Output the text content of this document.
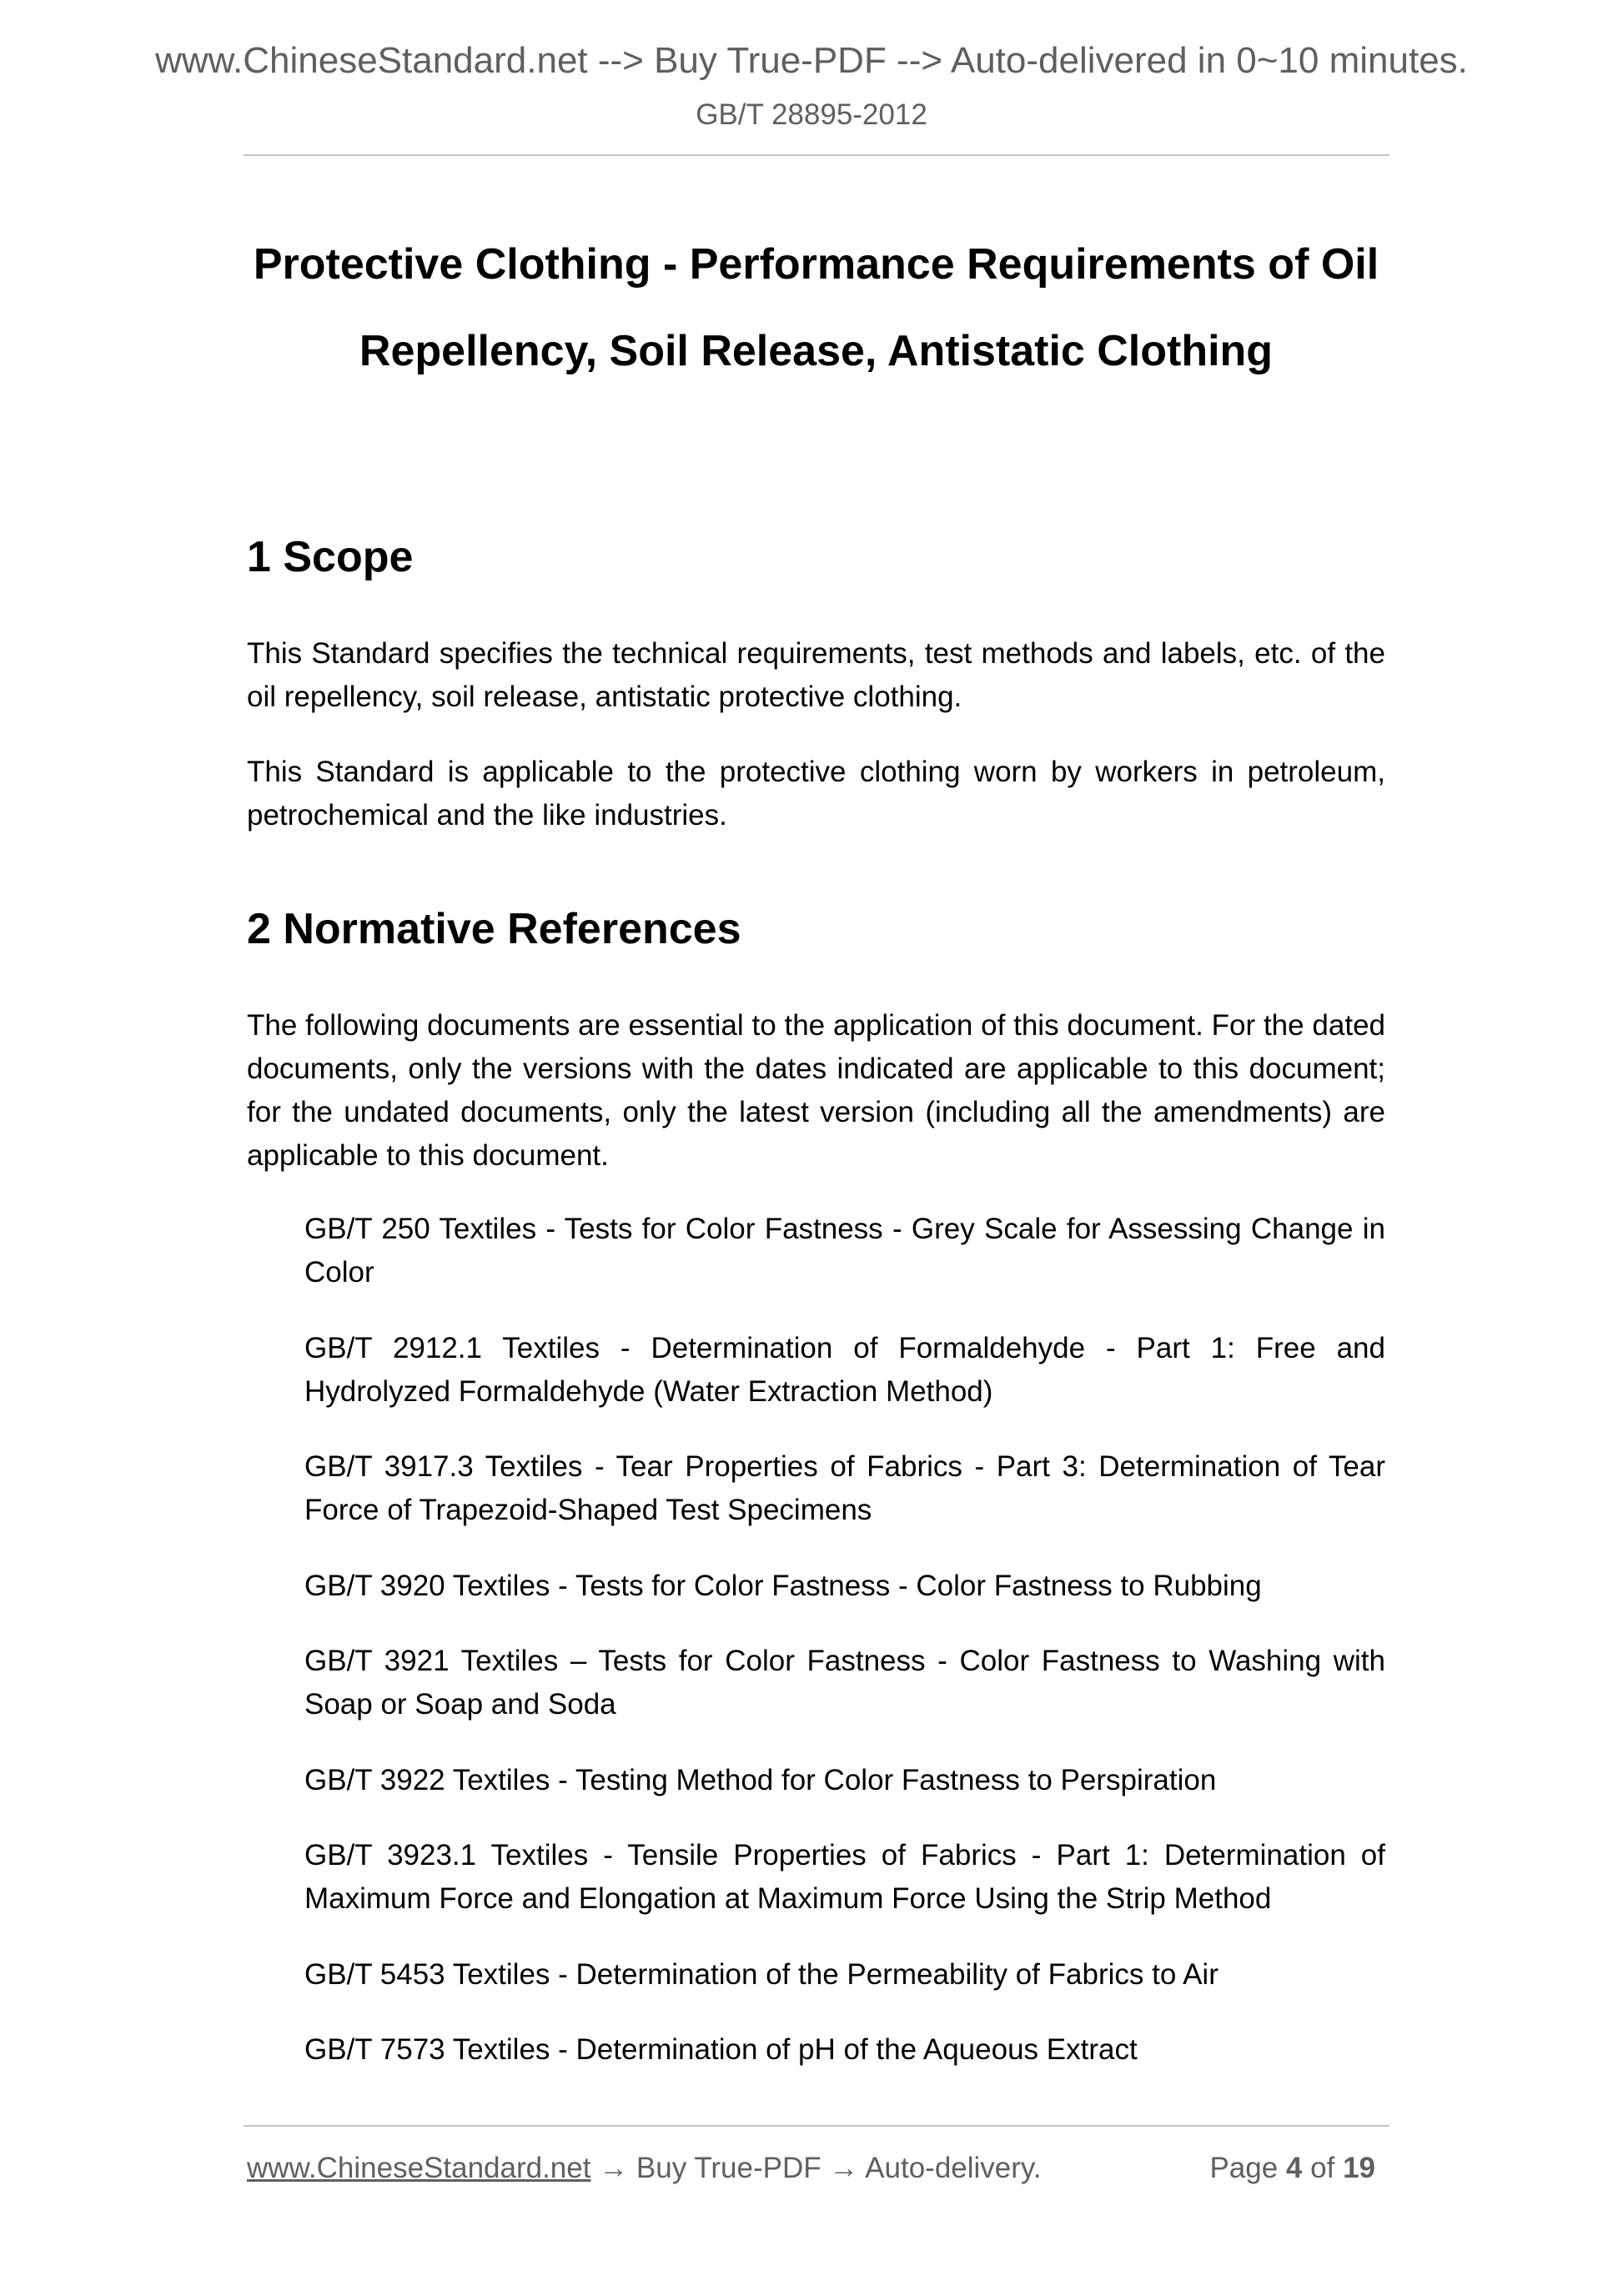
www.ChineseStandard.net --> Buy True-PDF --> Auto-delivered in 0~10 minutes.
GB/T 28895-2012
Protective Clothing - Performance Requirements of Oil
Repellency, Soil Release, Antistatic Clothing
1 Scope

This Standard specifies the technical requirements, test methods and labels, etc. of the oil repellency, soil release, antistatic protective clothing.

This Standard is applicable to the protective clothing worn by workers in petroleum, petrochemical and the like industries.

2 Normative References

The following documents are essential to the application of this document. For the dated documents, only the versions with the dates indicated are applicable to this document; for the undated documents, only the latest version (including all the amendments) are applicable to this document.

GB/T 250 Textiles - Tests for Color Fastness - Grey Scale for Assessing Change in Color

GB/T 2912.1 Textiles - Determination of Formaldehyde - Part 1: Free and Hydrolyzed Formaldehyde (Water Extraction Method)

GB/T 3917.3 Textiles - Tear Properties of Fabrics - Part 3: Determination of Tear Force of Trapezoid-Shaped Test Specimens

GB/T 3920 Textiles - Tests for Color Fastness - Color Fastness to Rubbing

GB/T 3921 Textiles – Tests for Color Fastness - Color Fastness to Washing with Soap or Soap and Soda

GB/T 3922 Textiles - Testing Method for Color Fastness to Perspiration

GB/T 3923.1 Textiles - Tensile Properties of Fabrics - Part 1: Determination of Maximum Force and Elongation at Maximum Force Using the Strip Method

GB/T 5453 Textiles - Determination of the Permeability of Fabrics to Air

GB/T 7573 Textiles - Determination of pH of the Aqueous Extract

www.ChineseStandard.net → Buy True-PDF → Auto-delivery.	Page 4 of 19
